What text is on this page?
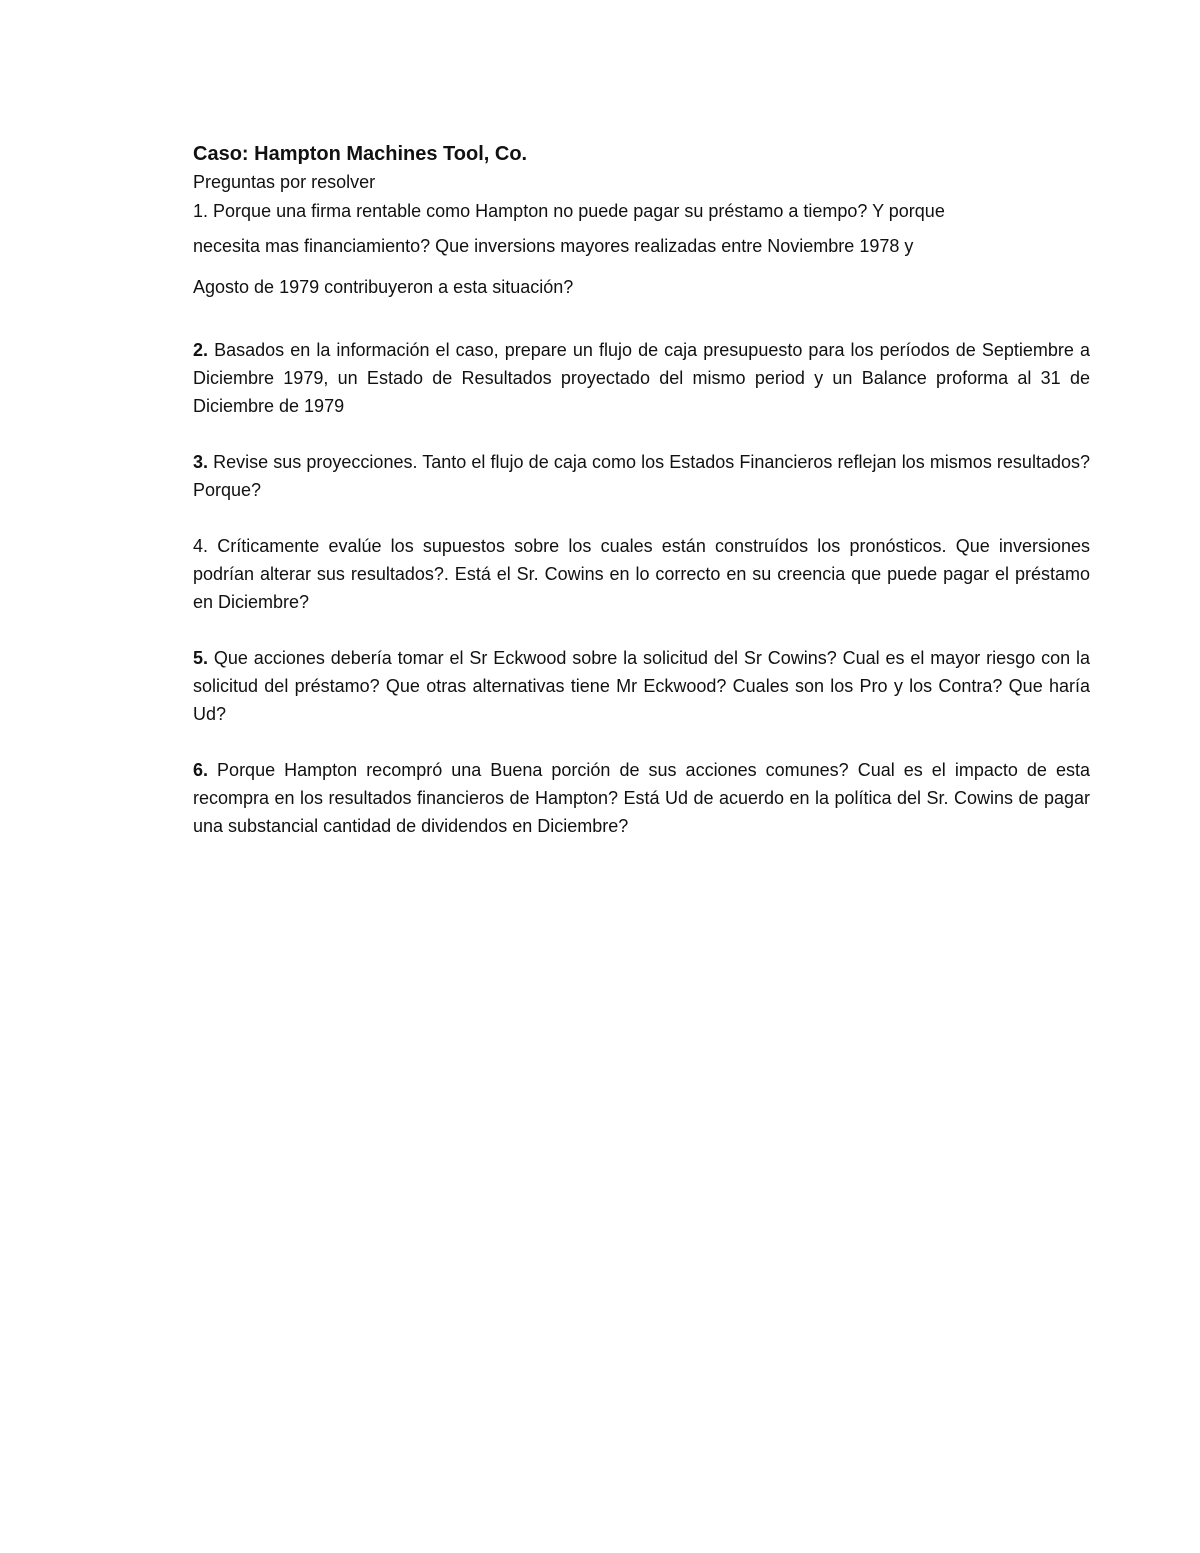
Caso: Hampton Machines Tool, Co.

Preguntas por resolver

1. Porque una firma rentable como Hampton no puede pagar su préstamo a tiempo? Y porque

necesita mas financiamiento? Que inversions mayores realizadas entre Noviembre 1978 y

Agosto de 1979 contribuyeron a esta situación?

2. Basados en la información el caso, prepare un flujo de caja presupuesto para los períodos de Septiembre a Diciembre 1979, un Estado de Resultados proyectado del mismo period y un Balance proforma al 31 de Diciembre de 1979

3. Revise sus proyecciones. Tanto el flujo de caja como los Estados Financieros reflejan los mismos resultados? Porque?

4. Críticamente evalúe los supuestos sobre los cuales están construídos los pronósticos. Que inversiones podrían alterar sus resultados?. Está el Sr. Cowins en lo correcto en su creencia que puede pagar el préstamo en Diciembre?

5. Que acciones debería tomar el Sr Eckwood sobre la solicitud del Sr Cowins? Cual es el mayor riesgo con la solicitud del préstamo? Que otras alternativas tiene Mr Eckwood? Cuales son los Pro y los Contra? Que haría Ud?

6. Porque Hampton recompró una Buena porción de sus acciones comunes? Cual es el impacto de esta recompra en los resultados financieros de Hampton? Está Ud de acuerdo en la política del Sr. Cowins de pagar una substancial cantidad de dividendos en Diciembre?
